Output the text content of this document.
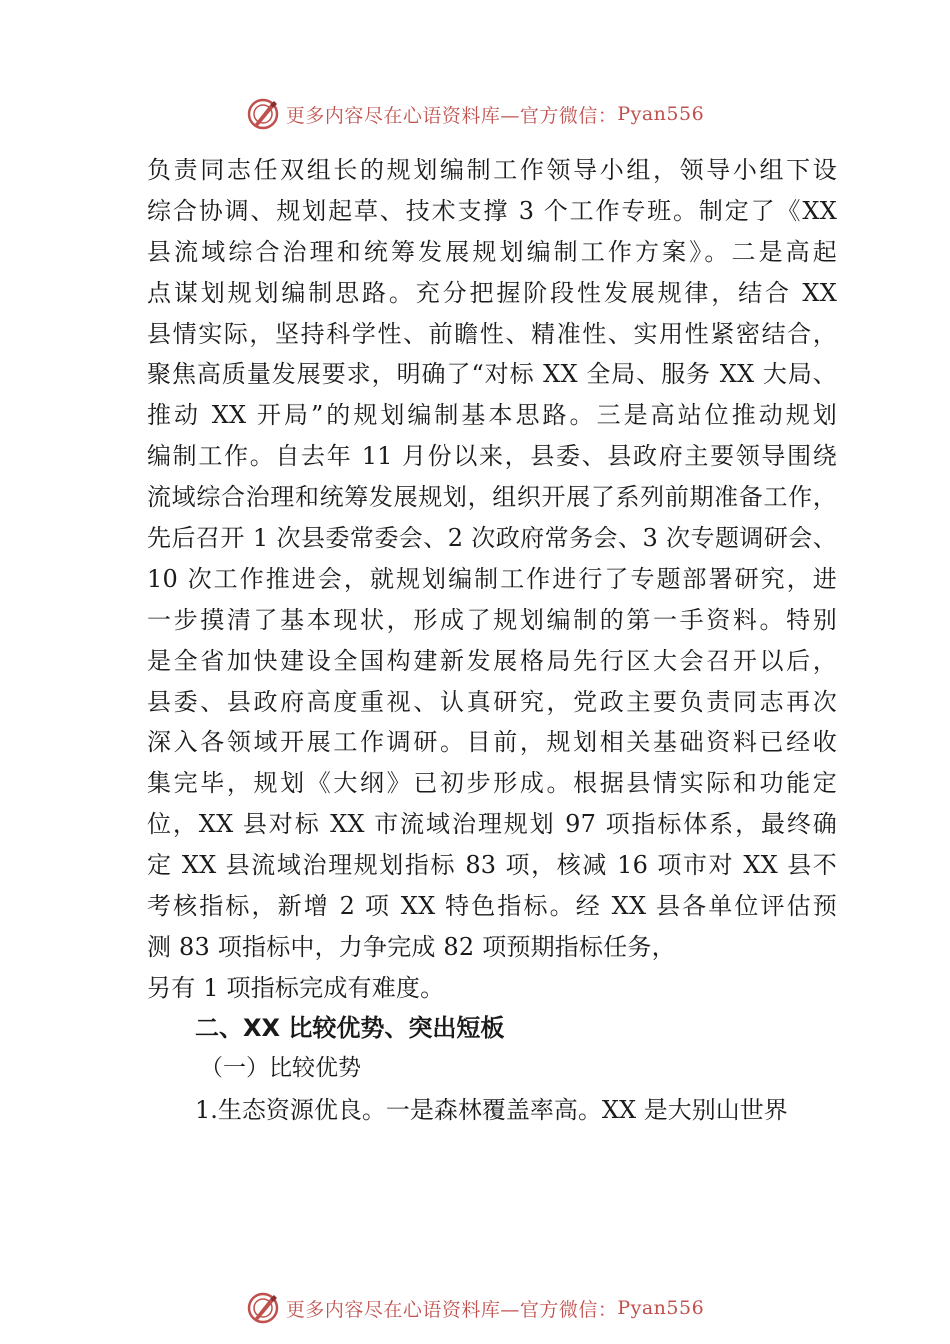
更多内容尽在心语资料库—官方微信： Pyan556
负责同志任双组长的规划编制工作领导小组，领导小组下设
综合协调、规划起草、技术支撑 3 个工作专班。制定了《XX
县流域综合治理和统筹发展规划编制工作方案》。二是高起
点谋划规划编制思路。充分把握阶段性发展规律，结合 XX
县情实际，坚持科学性、前瞻性、精准性、实用性紧密结合，
聚焦高质量发展要求，明确了“对标 XX 全局、服务 XX 大局、
推动 XX 开局”的规划编制基本思路。三是高站位推动规划
编制工作。自去年 11 月份以来，县委、县政府主要领导围绕
流域综合治理和统筹发展规划，组织开展了系列前期准备工作，
先后召开 1 次县委常委会、2 次政府常务会、3 次专题调研会、
10 次工作推进会，就规划编制工作进行了专题部署研究，进
一步摸清了基本现状，形成了规划编制的第一手资料。特别
是全省加快建设全国构建新发展格局先行区大会召开以后，
县委、县政府高度重视、认真研究，党政主要负责同志再次
深入各领域开展工作调研。目前，规划相关基础资料已经收
集完毕，规划《大纲》已初步形成。根据县情实际和功能定
位，XX 县对标 XX 市流域治理规划 97 项指标体系，最终确
定 XX 县流域治理规划指标 83 项，核减 16 项市对 XX 县不
考核指标，新增 2 项 XX 特色指标。经 XX 县各单位评估预
测 83 项指标中，力争完成 82 项预期指标任务，
另有 1 项指标完成有难度。
二、XX 比较优势、突出短板
（一）比较优势
1.生态资源优良。一是森林覆盖率高。XX 是大别山世界
更多内容尽在心语资料库—官方微信： Pyan556
